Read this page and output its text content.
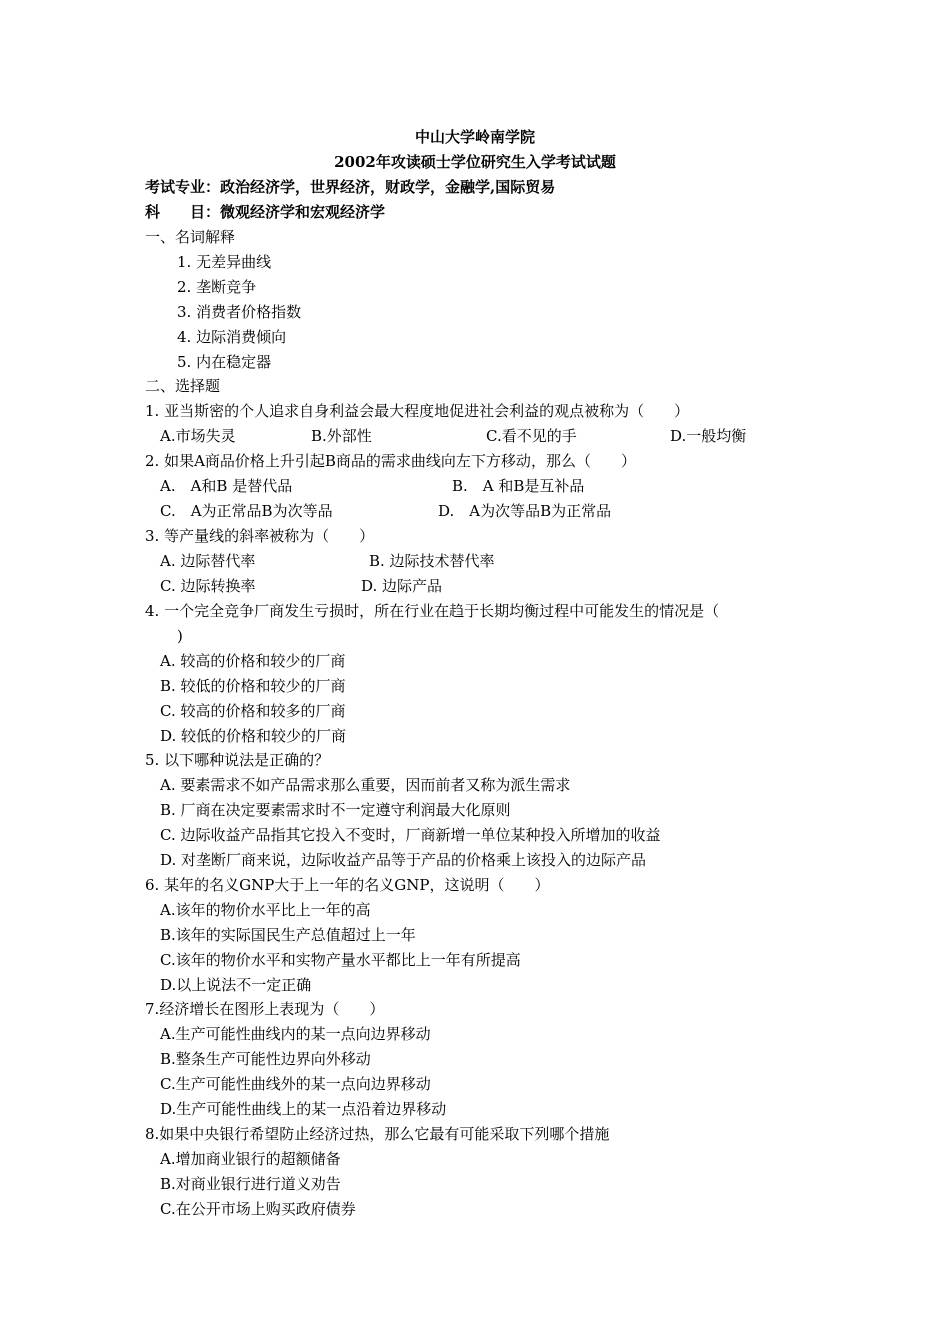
中山大学岭南学院
2002年攻读硕士学位研究生入学考试试题
考试专业：政治经济学，世界经济，财政学，金融学,国际贸易
科　　目：微观经济学和宏观经济学
一、名词解释
1. 无差异曲线
2. 垄断竞争
3. 消费者价格指数
4. 边际消费倾向
5. 内在稳定器
二、选择题
1. 亚当斯密的个人追求自身利益会最大程度地促进社会利益的观点被称为（　　）
A.市场失灵	B.外部性	C.看不见的手	D.一般均衡
2. 如果A商品价格上升引起B商品的需求曲线向左下方移动，那么（　　）
A.　A和B 是替代品	B.　A 和B是互补品
C.　A为正常品B为次等品	D.　A为次等品B为正常品
3. 等产量线的斜率被称为（　　）
A. 边际替代率	B. 边际技术替代率
C. 边际转换率	D. 边际产品
4. 一个完全竞争厂商发生亏损时，所在行业在趋于长期均衡过程中可能发生的情况是（
)
A. 较高的价格和较少的厂商
B. 较低的价格和较少的厂商
C. 较高的价格和较多的厂商
D. 较低的价格和较少的厂商
5. 以下哪种说法是正确的？
A. 要素需求不如产品需求那么重要，因而前者又称为派生需求
B. 厂商在决定要素需求时不一定遵守利润最大化原则
C. 边际收益产品指其它投入不变时，厂商新增一单位某种投入所增加的收益
D. 对垄断厂商来说，边际收益产品等于产品的价格乘上该投入的边际产品
6. 某年的名义GNP大于上一年的名义GNP，这说明（　　）
A.该年的物价水平比上一年的高
B.该年的实际国民生产总值超过上一年
C.该年的物价水平和实物产量水平都比上一年有所提高
D.以上说法不一定正确
7.经济增长在图形上表现为（　　）
A.生产可能性曲线内的某一点向边界移动
B.整条生产可能性边界向外移动
C.生产可能性曲线外的某一点向边界移动
D.生产可能性曲线上的某一点沿着边界移动
8.如果中央银行希望防止经济过热，那么它最有可能采取下列哪个措施
A.增加商业银行的超额储备
B.对商业银行进行道义劝告
C.在公开市场上购买政府债券
